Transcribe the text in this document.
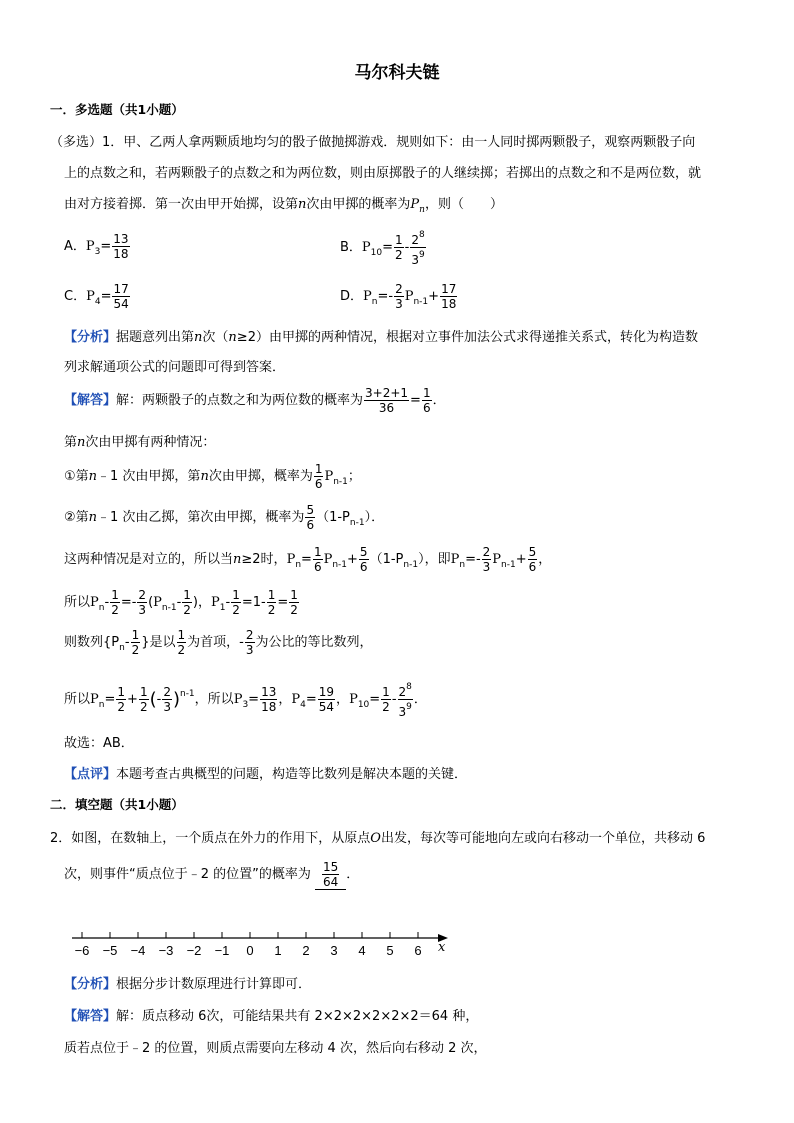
马尔科夫链
一．多选题（共1小题）
（多选）1．甲、乙两人拿两颗质地均匀的骰子做抛掷游戏．规则如下：由一人同时掷两颗骰子，观察两颗骰子向
上的点数之和，若两颗骰子的点数之和为两位数，则由原掷骰子的人继续掷；若掷出的点数之和不是两位数，就
由对方接着掷．第一次由甲开始掷，设第n次由甲掷的概率为$P_n$，则（　　）
A．$P_3= \frac{13}{18}$	B．$P_{10}= \frac{1}{2} - \frac{2^8}{3^9}$
C．$P_4= \frac{17}{54}$	D．$P_n=- \frac{2}{3} P_{n-1}+ \frac{17}{18}$
【分析】据题意列出第n次（n≥2）由甲掷的两种情况，根据对立事件加法公式求得递推关系式，转化为构造数
列求解通项公式的问题即可得到答案．
【解答】解：两颗骰子的点数之和为两位数的概率为 $\frac{3+2+1}{36} = \frac{1}{6}$ ．
第n次由甲掷有两种情况：
①第n﹣1 次由甲掷，第n次由甲掷，概率为 $\frac{1}{6} P_{n-1}$；
②第n﹣1 次由乙掷，第次由甲掷，概率为 $\frac{5}{6} (1-P_{n-1})$．
这两种情况是对立的，所以当n≥2时，$P_n= \frac{1}{6} P_{n-1}+ \frac{5}{6} (1-P_{n-1})$，即$P_n=- \frac{2}{3} P_{n-1}+ \frac{5}{6}$ ，
所以$P_n- \frac{1}{2} =- \frac{2}{3} (P_{n-1}- \frac{1}{2}$ )，$P_1- \frac{1}{2} =1- \frac{1}{2} = \frac{1}{2}$
则数列{$P_n- \frac{1}{2}$ }是以 $\frac{1}{2}$ 为首项，- $\frac{2}{3}$ 为公比的等比数列，
所以$P_n= \frac{1}{2} + \frac{1}{2}$ (- $\frac{2}{3} )^{n-1}$，所以$P_3= \frac{13}{18}$ ，$P_4= \frac{19}{54}$ ，$P_{10}= \frac{1}{2} - \frac{2^8}{3^9}$ ．
故选：AB．
【点评】本题考查古典概型的问题，构造等比数列是解决本题的关键．
二．填空题（共1小题）
2．如图，在数轴上，一个质点在外力的作用下，从原点O出发，每次等可能地向左或向右移动一个单位，共移动 6
次，则事件“质点位于﹣2 的位置”的概率为 $\frac{15}{64}$ ．
−6 −5 −4 −3 −2 −1 0 1 2 3 4 5 6 x
【分析】根据分步计数原理进行计算即可．
【解答】解：质点移动 6次，可能结果共有 2×2×2×2×2×2＝64 种，
质若点位于﹣2 的位置，则质点需要向左移动 4 次，然后向右移动 2 次，
